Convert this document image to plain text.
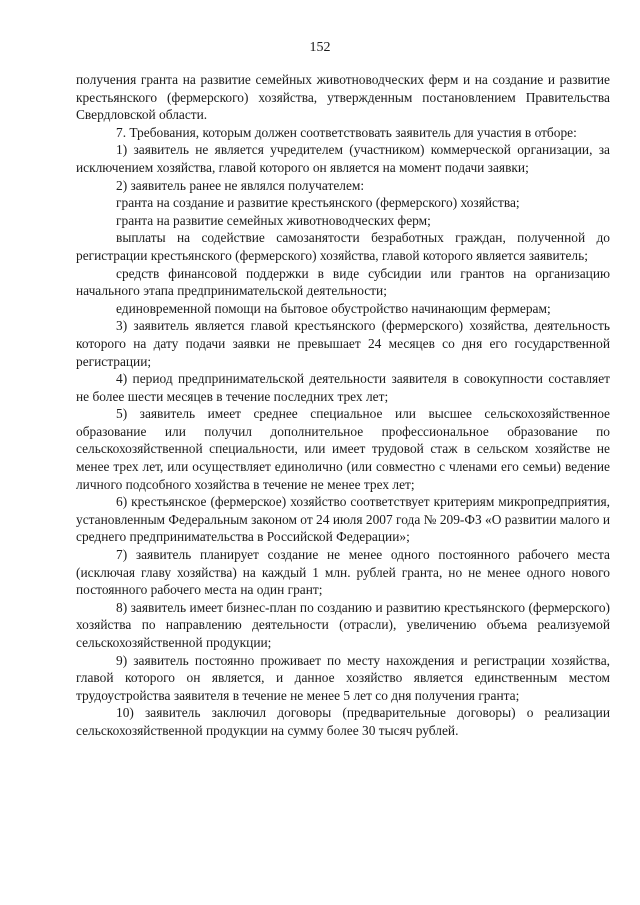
152

получения гранта на развитие семейных животноводческих ферм и на создание и развитие крестьянского (фермерского) хозяйства, утвержденным постановлением Правительства Свердловской области.

7. Требования, которым должен соответствовать заявитель для участия в отборе:

1) заявитель не является учредителем (участником) коммерческой организации, за исключением хозяйства, главой которого он является на момент подачи заявки;

2) заявитель ранее не являлся получателем:

гранта на создание и развитие крестьянского (фермерского) хозяйства;

гранта на развитие семейных животноводческих ферм;

выплаты на содействие самозанятости безработных граждан, полученной до регистрации крестьянского (фермерского) хозяйства, главой которого является заявитель;

средств финансовой поддержки в виде субсидии или грантов на организацию начального этапа предпринимательской деятельности;

единовременной помощи на бытовое обустройство начинающим фермерам;

3) заявитель является главой крестьянского (фермерского) хозяйства, деятельность которого на дату подачи заявки не превышает 24 месяцев со дня его государственной регистрации;

4) период предпринимательской деятельности заявителя в совокупности составляет не более шести месяцев в течение последних трех лет;

5) заявитель имеет среднее специальное или высшее сельскохозяйственное образование или получил дополнительное профессиональное образование по сельскохозяйственной специальности, или имеет трудовой стаж в сельском хозяйстве не менее трех лет, или осуществляет единолично (или совместно с членами его семьи) ведение личного подсобного хозяйства в течение не менее трех лет;

6) крестьянское (фермерское) хозяйство соответствует критериям микропредприятия, установленным Федеральным законом от 24 июля 2007 года № 209-ФЗ «О развитии малого и среднего предпринимательства в Российской Федерации»;

7) заявитель планирует создание не менее одного постоянного рабочего места (исключая главу хозяйства) на каждый 1 млн. рублей гранта, но не менее одного нового постоянного рабочего места на один грант;

8) заявитель имеет бизнес-план по созданию и развитию крестьянского (фермерского) хозяйства по направлению деятельности (отрасли), увеличению объема реализуемой сельскохозяйственной продукции;

9) заявитель постоянно проживает по месту нахождения и регистрации хозяйства, главой которого он является, и данное хозяйство является единственным местом трудоустройства заявителя в течение не менее 5 лет со дня получения гранта;

10) заявитель заключил договоры (предварительные договоры) о реализации сельскохозяйственной продукции на сумму более 30 тысяч рублей.
